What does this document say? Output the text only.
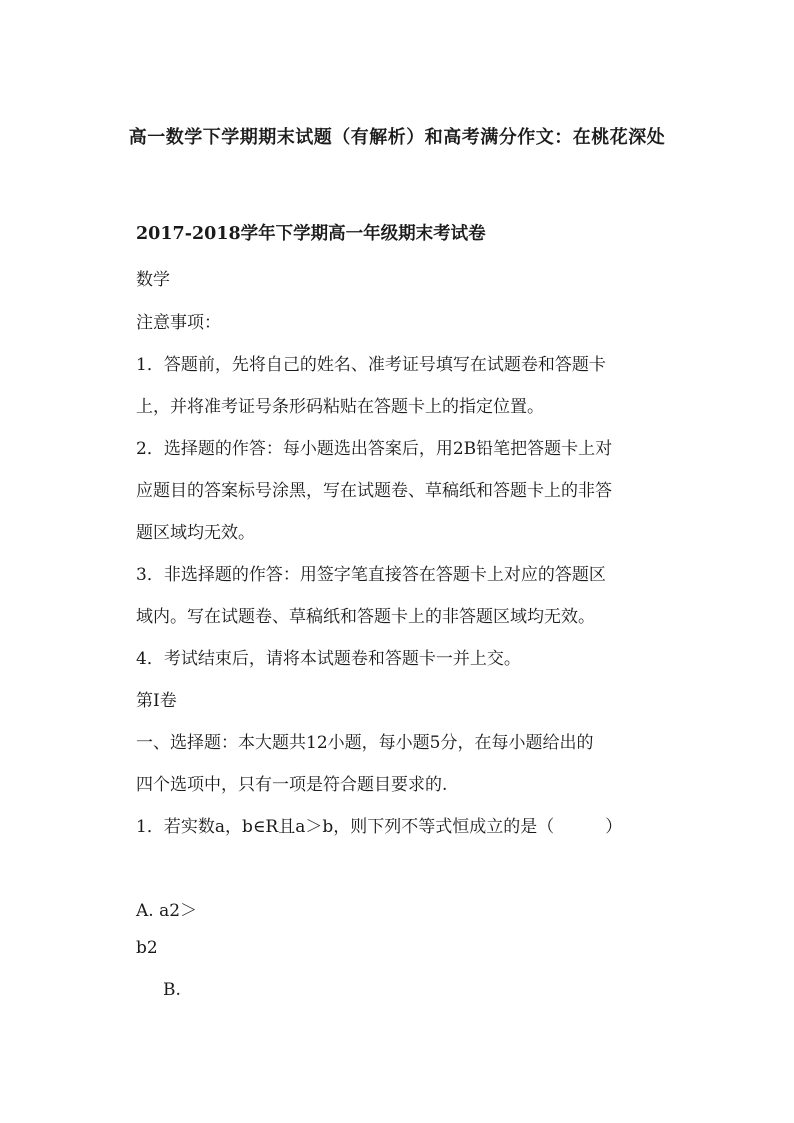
高一数学下学期期末试题（有解析）和高考满分作文：在桃花深处
2017-2018学年下学期高一年级期末考试卷
数学
注意事项：
1．答题前，先将自己的姓名、准考证号填写在试题卷和答题卡
上，并将准考证号条形码粘贴在答题卡上的指定位置。
2．选择题的作答：每小题选出答案后，用2B铅笔把答题卡上对
应题目的答案标号涂黑，写在试题卷、草稿纸和答题卡上的非答
题区域均无效。
3．非选择题的作答：用签字笔直接答在答题卡上对应的答题区
域内。写在试题卷、草稿纸和答题卡上的非答题区域均无效。
4．考试结束后，请将本试题卷和答题卡一并上交。
第Ⅰ卷
一、选择题：本大题共12小题，每小题5分，在每小题给出的
四个选项中，只有一项是符合题目要求的.
1．若实数a，b∈R且a＞b，则下列不等式恒成立的是（　　　）
A. a2＞
b2
B.
